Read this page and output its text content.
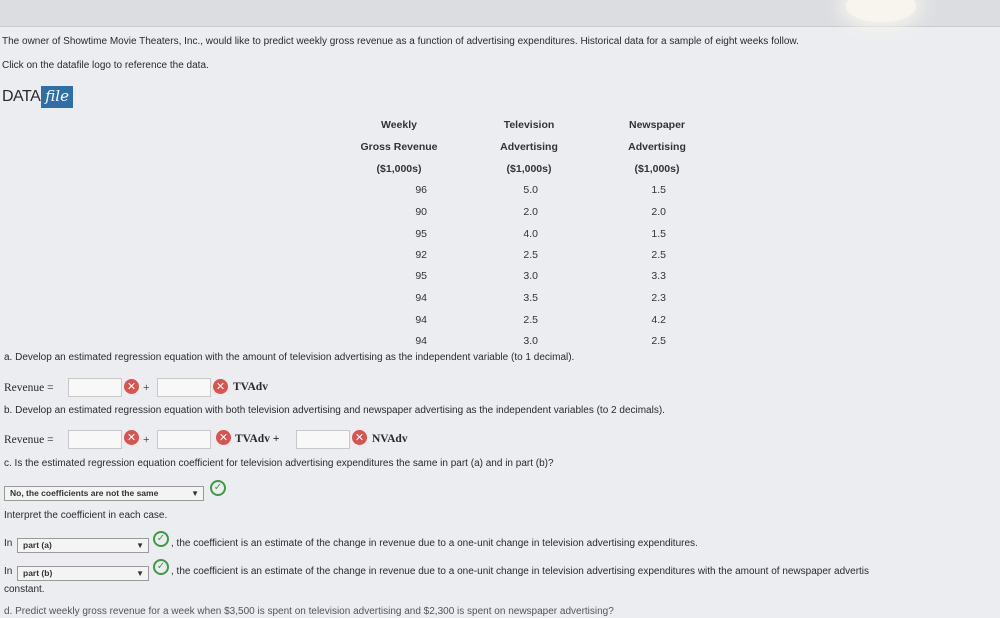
The owner of Showtime Movie Theaters, Inc., would like to predict weekly gross revenue as a function of advertising expenditures. Historical data for a sample of eight weeks follow.
Click on the datafile logo to reference the data.
DATA file
Weekly
Gross Revenue
($1,000s)
Television
Advertising
($1,000s)
Newspaper
Advertising
($1,000s)
96	5.0	1.5
90	2.0	2.0
95	4.0	1.5
92	2.5	2.5
95	3.0	3.3
94	3.5	2.3
94	2.5	4.2
94	3.0	2.5
a. Develop an estimated regression equation with the amount of television advertising as the independent variable (to 1 decimal).
Revenue =	✕ +	✕ TVAdv
b. Develop an estimated regression equation with both television advertising and newspaper advertising as the independent variables (to 2 decimals).
Revenue =	✕ +	✕ TVAdv +	✕ NVAdv
c. Is the estimated regression equation coefficient for television advertising expenditures the same in part (a) and in part (b)?
No, the coefficients are not the same	▼
✓
Interpret the coefficient in each case.
In	part (a)	▼
✓ , the coefficient is an estimate of the change in revenue due to a one-unit change in television advertising expenditures.
In	part (b)	▼
✓ , the coefficient is an estimate of the change in revenue due to a one-unit change in television advertising expenditures with the amount of newspaper advertis
constant.
d. Predict weekly gross revenue for a week when $3,500 is spent on television advertising and $2,300 is spent on newspaper advertising?
